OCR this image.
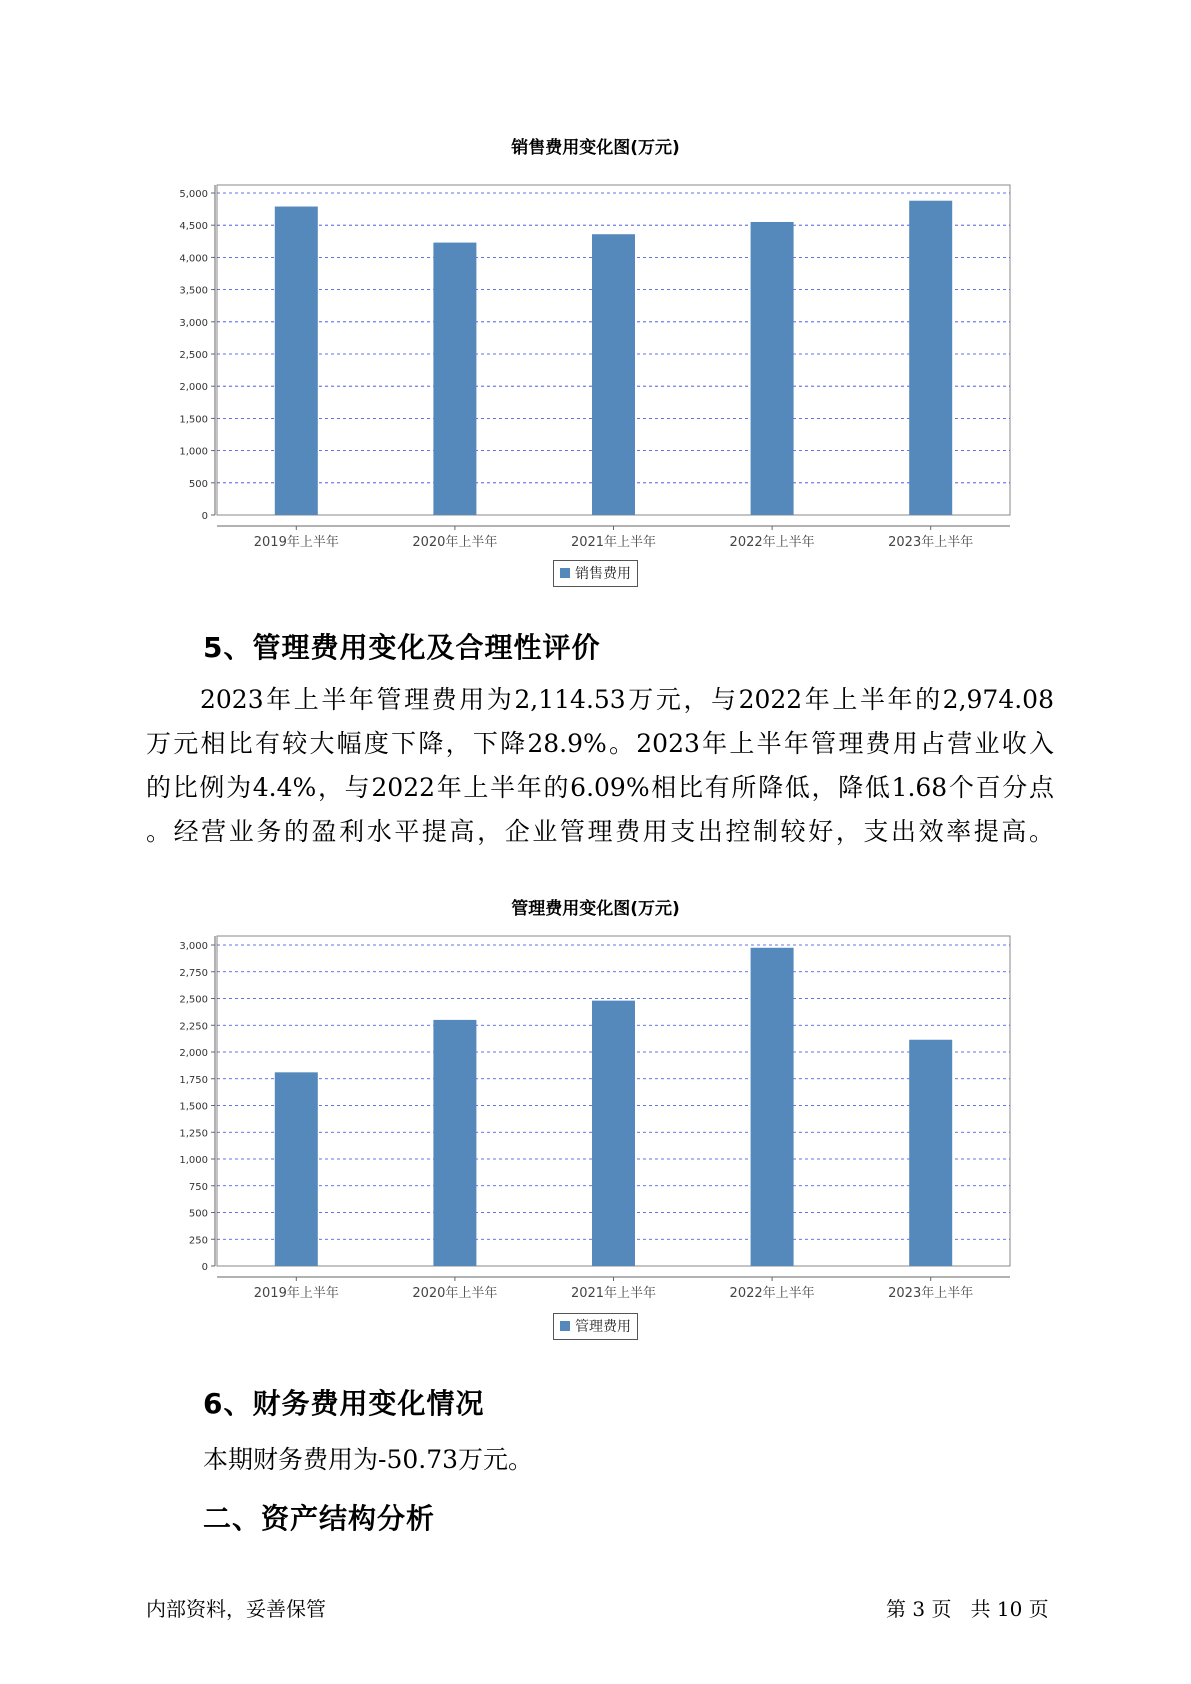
销售费用变化图(万元)
0
500
1,000
1,500
2,000
2,500
3,000
3,500
4,000
4,500
5,000
2019年上半年	2020年上半年	2021年上半年	2022年上半年	2023年上半年
销售费用
5、管理费用变化及合理性评价
2023年上半年管理费用为2,114.53万元，与2022年上半年的2,974.08
万元相比有较大幅度下降，下降28.9%。2023年上半年管理费用占营业收入
的比例为4.4%，与2022年上半年的6.09%相比有所降低，降低1.68个百分点
。经营业务的盈利水平提高，企业管理费用支出控制较好，支出效率提高。
管理费用变化图(万元)
0
250
500
750
1,000
1,250
1,500
1,750
2,000
2,250
2,500
2,750
3,000
2019年上半年	2020年上半年	2021年上半年	2022年上半年	2023年上半年
管理费用
6、财务费用变化情况
本期财务费用为-50.73万元。
二、资产结构分析
内部资料，妥善保管	第 3 页   共 10 页
